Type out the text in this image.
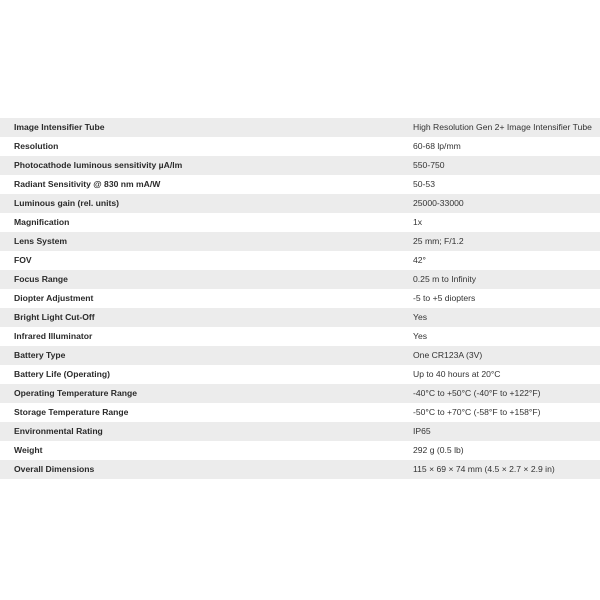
Image Intensifier Tube	High Resolution Gen 2+ Image Intensifier Tube
Resolution	60-68 lp/mm
Photocathode luminous sensitivity µA/lm	550-750
Radiant Sensitivity @ 830 nm mA/W	50-53
Luminous gain (rel. units)	25000-33000
Magnification	1x
Lens System	25 mm; F/1.2
FOV	42°
Focus Range	0.25 m to Infinity
Diopter Adjustment	-5 to +5 diopters
Bright Light Cut-Off	Yes
Infrared Illuminator	Yes
Battery Type	One CR123A (3V)
Battery Life (Operating)	Up to 40 hours at 20°C
Operating Temperature Range	-40°C to +50°C (-40°F to +122°F)
Storage Temperature Range	-50°C to +70°C (-58°F to +158°F)
Environmental Rating	IP65
Weight	292 g (0.5 lb)
Overall Dimensions	115 × 69 × 74 mm (4.5 × 2.7 × 2.9 in)
